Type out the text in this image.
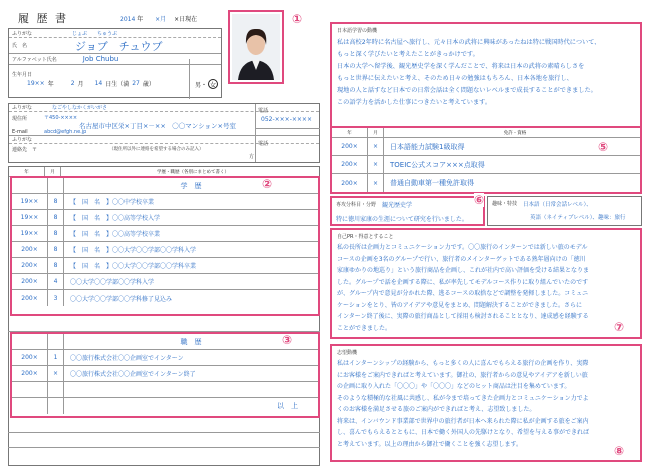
履 歴 書	2014 年 ×月 ×日現在
ふりがな	じょぶ　　ちゅうぶ
氏　名	ジョブ　チュウブ
アルファベット氏名	Job Chubu
生年月日
19×× 年	2 月 14 日生（満 27 歳）	男・ 女
①
ふりがな	なごやしなかくがいがさ
現住所	〒450-××××
名古屋市中区栄×丁目×－××　〇〇マンション×号室
E-mail	abcd@efgh.ne.jp
ふりがな
連絡先　〒	（現住所以外に連絡を希望する場合のみ記入）
方
電話
052-×××-××××
電話
年	月	学歴・職歴（各別にまとめて書く）
学　歴
19××	8	【　国　名　】〇〇中学校卒業
19××	8	【　国　名　】〇〇高等学校入学
19××	8	【　国　名　】〇〇高等学校卒業
200×	8	【　国　名　】〇〇大学〇〇学部〇〇学科入学
200×	8	【　国　名　】〇〇大学〇〇学部〇〇学科卒業
200×	4	〇〇大学〇〇学部〇〇学科入学
200×	3	〇〇大学〇〇学部〇〇学科修了見込み
②
職　歴
200×	1	〇〇旅行株式会社〇〇企画室でインターン
200×	×	〇〇旅行株式会社〇〇企画室でインターン終了
以　上
③
日本語学習の動機
私は高校2年時に名古屋へ旅行し、元々日本の武将に興味があったねは特に戦国時代について、
もっと深く学びたいと考えたことがきっかけです。
日本の大学へ留学後、観光歴史学を深く学んだことで、将来は日本の武将の素晴らしさを
もっと世界に伝えたいと考え、そのため日々の勉強はもちろん、日本各地を旅行し、
現地の人と話すなど日本での日常会話は全く問題ないレベルまで成長することができました。
この語学力を活かした仕事につきたいと考えています。
年	月	免許・資格
200×	×	日本語能力試験1級取得
200×	×	TOEIC公式スコア×××点取得
200×	×	普通自動車第一種免許取得
⑤
専攻分科目・分野 観光歴史学
特に徳川家康の生涯について研究を行いました。
⑥ 趣味・特技 日本語（日常会話レベル）、
英語（ネイティブレベル）、趣味：旅行
自己PR・得意とすること
私の長所は企画力とコミュニケーション力です。〇〇旅行のインターンでは新しい旅のモデル
コースの企画を3名のグループで行い、旅行者のメインターゲットである熟年層向けの「徳川
家康ゆかりの地巡り」という旅行商品を企画し、これが社内で高い評価を受ける結果となりま
した。グループで話を企画する際に、私が率先してモデルコース作りに取り組んでいたのです
が、グループ内で意見が分かれた際、逃るコースの取捨などで調整を発揮しました。コミュニ
ケーションをとり、皆のアイデアや意見をまとめ、問題解決することができました。さらに
インターン終了後に、実際の旅行商品として採用も検討されることとなり、達成感を経験する
ことができました。	⑦
志望動機
私はインターンシップの経験から、もっと多くの人に喜んでもらえる旅行の企画を作り、実際
にお客様をご案内できればと考えています。御社の、旅行者からの意見やアイデアを新しい旅
の企画に取り入れた「〇〇〇」や「〇〇〇」などのヒット商品は注目を集めています。
そのような積極的な社風に共感し、私が今まで培ってきた企画力とコミュニケーション力でよ
くのお客様を満足させる旅のご案内ができればと考え、志望致しました。
将来は、インバウンド事業部で世界中の旅行者が日本へ来られた際に私が企画する旅をご案内
し、喜んでもらえるとともに、日本で働く外国人の先駆けとなり、希望を与える事ができれば
と考えています。以上の理由から御社で働くことを強く志望します。	⑧
